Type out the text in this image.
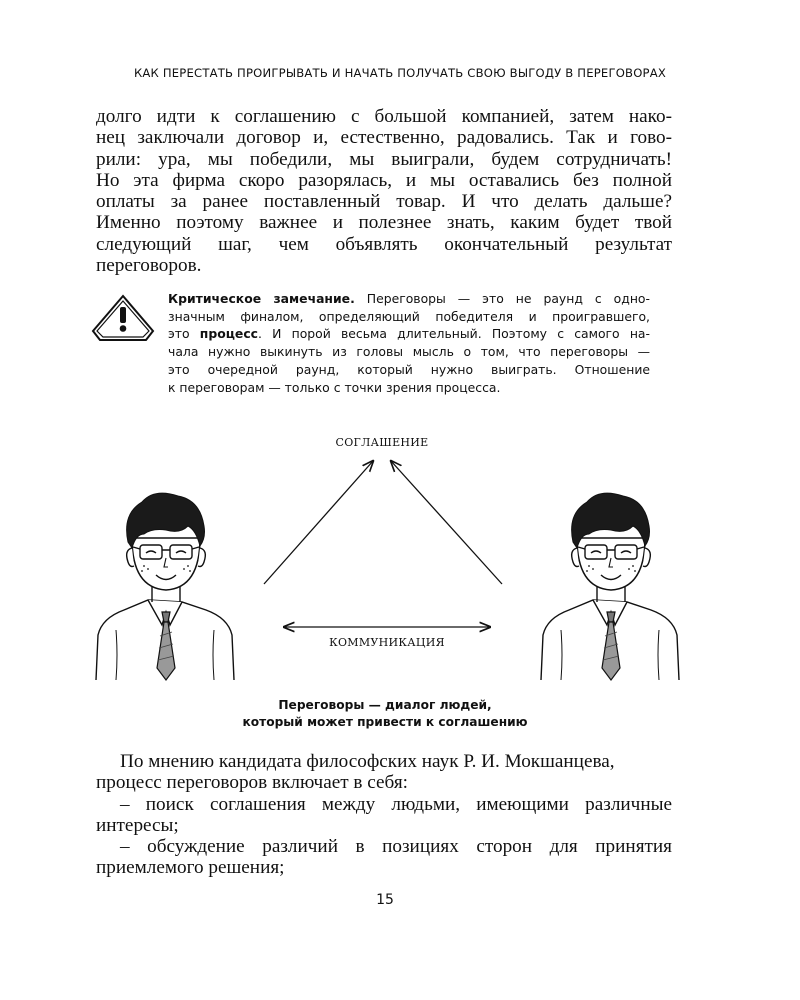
КАК ПЕРЕСТАТЬ ПРОИГРЫВАТЬ И НАЧАТЬ ПОЛУЧАТЬ СВОЮ ВЫГОДУ В ПЕРЕГОВОРАХ
долго идти к соглашению с большой компанией, затем нако-
нец заключали договор и, естественно, радовались. Так и гово-
рили: ура, мы победили, мы выиграли, будем сотрудничать!
Но эта фирма скоро разорялась, и мы оставались без полной
оплаты за ранее поставленный товар. И что делать дальше?
Именно поэтому важнее и полезнее знать, каким будет твой
следующий шаг, чем объявлять окончательный результат
переговоров.
Критическое замечание. Переговоры — это не раунд с одно-
значным финалом, определяющий победителя и проигравшего,
это процесс. И порой весьма длительный. Поэтому с самого на-
чала нужно выкинуть из головы мысль о том, что переговоры —
это очередной раунд, который нужно выиграть. Отношение
к переговорам — только с точки зрения процесса.
СОГЛАШЕНИЕ
КОММУНИКАЦИЯ
Переговоры — диалог людей,
который может привести к соглашению
По мнению кандидата философских наук Р. И. Мокшанцева,
процесс переговоров включает в себя:
– поиск соглашения между людьми, имеющими различные
интересы;
– обсуждение различий в позициях сторон для принятия
приемлемого решения;
15
